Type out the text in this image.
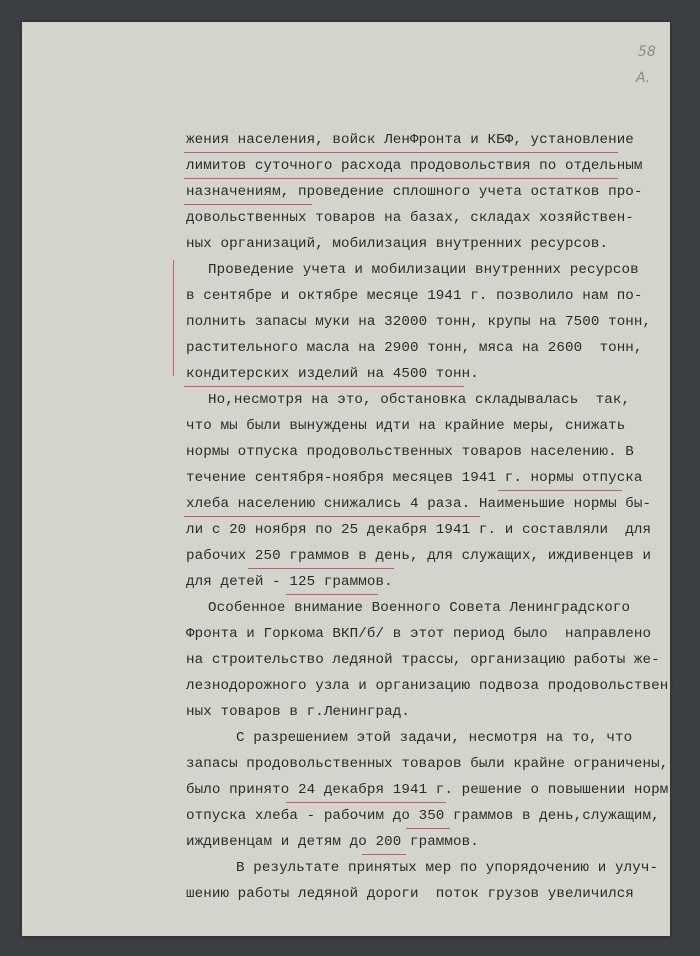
58
А.
жения населения, войск ЛенФронта и КБФ, установление
лимитов суточного расхода продовольствия по отдельным
назначениям, проведение сплошного учета остатков про-
довольственных товаров на базах, складах хозяйствен-
ных организаций, мобилизация внутренних ресурсов.
Проведение учета и мобилизации внутренних ресурсов
в сентябре и октябре месяце 1941 г. позволило нам по-
полнить запасы муки на 32000 тонн, крупы на 7500 тонн,
растительного масла на 2900 тонн, мяса на 2600  тонн,
кондитерских изделий на 4500 тонн.
Но,несмотря на это, обстановка складывалась  так,
что мы были вынуждены идти на крайние меры, снижать
нормы отпуска продовольственных товаров населению. В
течение сентября-ноября месяцев 1941 г. нормы отпуска
хлеба населению снижались 4 раза. Наименьшие нормы бы-
ли с 20 ноября по 25 декабря 1941 г. и составляли  для
рабочих 250 граммов в день, для служащих, иждивенцев и
для детей - 125 граммов.
Особенное внимание Военного Совета Ленинградского
Фронта и Горкома ВКП/б/ в этот период было  направлено
на строительство ледяной трассы, организацию работы же-
лезнодорожного узла и организацию подвоза продовольствен-
ных товаров в г.Ленинград.
С разрешением этой задачи, несмотря на то, что
запасы продовольственных товаров были крайне ограничены,
было принято 24 декабря 1941 г. решение о повышении норм
отпуска хлеба - рабочим до 350 граммов в день,служащим,
иждивенцам и детям до 200 граммов.
В результате принятых мер по упорядочению и улуч-
шению работы ледяной дороги  поток грузов увеличился
